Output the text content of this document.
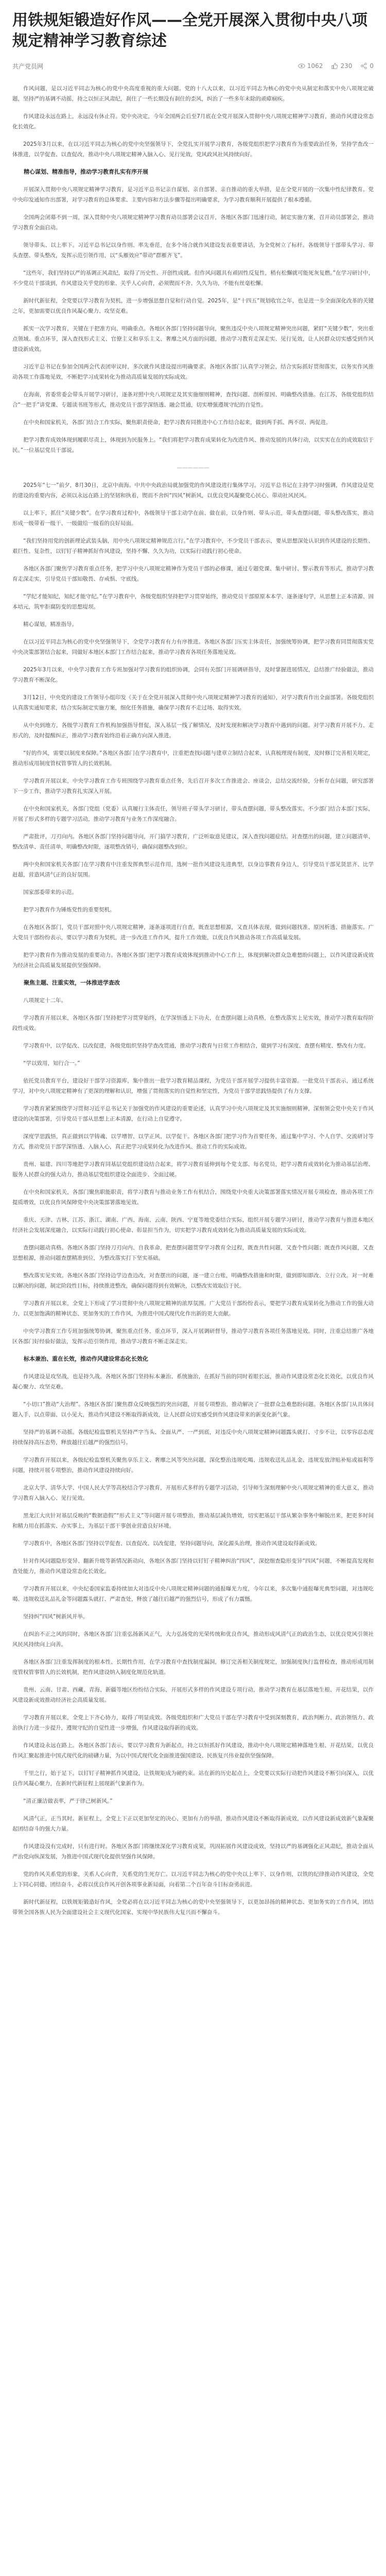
用铁规矩锻造好作风——全党开展深入贯彻中央八项规定精神学习教育综述
共产党员网	1062	230	0

作风问题，是以习近平同志为核心的党中央高度重视的重大问题。党的十八大以来，以习近平同志为核心的党中央从制定和落实中央八项规定破题，坚持严的基调不动摇，持之以恒正风肃纪，刹住了一些长期没有刹住的歪风，纠治了一些多年未除的顽瘴痼疾。

作风建设永远在路上，永远没有休止符。党中央决定，今年全国两会后至7月底在全党开展深入贯彻中央八项规定精神学习教育，推动作风建设常态化长效化。

2025年3月以来，在以习近平同志为核心的党中央坚强领导下，全党扎实开展学习教育，各级党组织把学习教育作为重要政治任务，坚持学查改一体推进，以学促查、以查促改，推动中央八项规定精神入脑入心、见行见效，党风政风社风持续向好。

精心谋划、精准指导，推动学习教育扎实有序开展

开展深入贯彻中央八项规定精神学习教育，是习近平总书记亲自谋划、亲自部署、亲自推动的重大举措，是在全党开展的一次集中性纪律教育。党中央印发通知作出部署，对学习教育的总体要求、主要内容和方法步骤等提出明确要求，为学习教育顺利开展提供了根本遵循。

全国两会闭幕不到一周，深入贯彻中央八项规定精神学习教育动员部署会议召开，各地区各部门迅速行动，制定实施方案，召开动员部署会，推动学习教育全面启动。

领导带头、以上率下。习近平总书记以身作则、率先垂范，在多个场合就作风建设发表重要讲话，为全党树立了标杆。各级领导干部带头学习、带头查摆、带头整改，发挥示范引领作用，以“头雁效应”带动“群雁齐飞”。

“这些年，我们坚持以严的基调正风肃纪，取得了历史性、开创性成就。但作风问题具有顽固性反复性，稍有松懈就可能死灰复燃。”在学习研讨中，不少党员干部谈到，作风建设关乎党的形象、关乎人心向背，必须锲而不舍、久久为功，不能有丝毫松懈。

新时代新征程，全党要以学习教育为契机，进一步增强思想自觉和行动自觉。2025年，是“十四五”规划收官之年，也是进一步全面深化改革的关键之年，更加需要以优良作风凝心聚力、攻坚克难。

抓实一次学习教育，关键在于把准方向、明确重点。各地区各部门坚持问题导向，聚焦违反中央八项规定精神突出问题，紧盯“关键少数”，突出重点领域、重点环节，深入查找形式主义、官僚主义和享乐主义、奢靡之风方面的问题，推动学习教育走深走实、见行见效，让人民群众切实感受到作风建设新成效。

习近平总书记在参加全国两会代表团审议时，多次就作风建设提出明确要求。各地区各部门认真学习领会，结合实际抓好贯彻落实，以务实作风推动各项工作落地见效，不断把学习成果转化为推动高质量发展的实际成效。

在海南，省委常委会带头开展学习研讨，逐条对照中央八项规定及其实施细则精神，查找问题、剖析原因、明确整改措施。在江苏，各级党组织结合“一把手”讲党课、专题读书班等形式，推动党员干部学深悟透、融会贯通，切实增强遵规守纪的自觉性。

在中央和国家机关，各部门结合工作实际，聚焦职责使命，把学习教育同推进中心工作结合起来，做到两手抓、两不误、两促进。

把学习教育成效体现到履职尽责上，体现到为民服务上。“我们将把学习教育成果转化为改进作风、推动发展的具体行动，以实实在在的成效取信于民。”一位基层党员干部说。

——————

2025年“七一”前夕，8月30日，北京中南海。中共中央政治局就加强党的作风建设进行集体学习。习近平总书记在主持学习时强调，作风建设是党的建设的重要内容，必须以永远在路上的坚韧和执着，锲而不舍纠“四风”树新风，以优良党风凝聚党心民心、带动社风民风。

以上率下，抓住“关键少数”。在学习教育过程中，各级领导干部主动学在前、做在前，以身作则、带头示范，带头查摆问题，带头整改落实，推动形成一级带着一级干、一级做给一级看的良好局面。

“我们坚持用党的创新理论武装头脑，用中央八项规定精神规范言行。”在学习教育中，不少党员干部表示，要从思想深处认识到作风建设的长期性、艰巨性、复杂性，以钉钉子精神抓好作风建设，坚持不懈、久久为功，以实际行动践行初心使命。

各地区各部门聚焦学习教育重点任务，把学习中央八项规定精神作为党员干部的必修课，通过专题党课、集中研讨、警示教育等形式，推动学习教育走深走实，引导党员干部知敬畏、存戒惧、守底线。

“学纪才能知纪，知纪才能守纪。”在学习教育中，各级党组织坚持把学习贯穿始终，推动党员干部原原本本学、逐条逐句学，从思想上正本清源、固本培元，筑牢拒腐防变的思想堤坝。

精心谋划，精准指导。

在以习近平同志为核心的党中央坚强领导下，全党学习教育有力有序推进。各地区各部门压实主体责任，加强统筹协调，把学习教育同贯彻落实党中央决策部署结合起来，同做好本地区本部门工作结合起来，推动学习教育各项任务落地见效。

2025年3月以来，中央学习教育工作专班加强对学习教育的组织协调，会同有关部门开展调研指导，及时掌握进展情况，总结推广经验做法，推动学习教育不断深化。

3月12日，中央党的建设工作领导小组印发《关于在全党开展深入贯彻中央八项规定精神学习教育的通知》，对学习教育作出全面部署。各级党组织认真落实通知要求，结合实际制定实施方案，细化任务措施，确保学习教育不走过场、取得实效。

从中央到地方，各级学习教育工作机构加强指导督促，深入基层一线了解情况，及时发现和解决学习教育中遇到的问题。对学习教育开展不力、走形式的，及时提醒纠正，推动学习教育始终沿着正确方向深入推进。

“好的作风，需要以制度来保障。”各地区各部门在学习教育中，注重把查找问题与建章立制结合起来，认真梳理现有制度，及时修订完善相关规定，推动形成用制度管权管事管人的长效机制。

学习教育开展以来，中央学习教育工作专班围绕学习教育重点任务，先后召开多次工作推进会、座谈会，总结交流经验，分析存在问题，研究部署下一步工作，推动学习教育扎实深入开展。

在中央和国家机关，各部门党组（党委）认真履行主体责任，领导班子带头学习研讨，带头查摆问题，带头整改落实。不少部门结合本部门实际，开展了形式多样的专题学习活动，推动学习教育与业务工作深度融合。

严肃批评，刀刃向内。各地区各部门坚持问题导向，开门搞学习教育，广泛听取意见建议，深入查找问题症结。对查摆出的问题，建立问题清单、整改清单、责任清单，明确整改时限，逐项整改销号，确保问题整改到位。

两中央和国家机关各部门在学习教育中注重发挥典型示范作用，选树一批作风建设先进典型，以身边事教育身边人，引导党员干部见贤思齐、比学赶超，营造风清气正的良好氛围。

国家部委带来的示范。

把学习教育作为锤炼党性的重要契机。

在各地区各部门，党员干部对照中央八项规定精神，逐条逐项进行自查，既查思想根源，又查具体表现，做到问题找准、原因析透、措施落实。广大党员干部纷纷表示，要以学习教育为契机，进一步改进工作作风，提升工作效能，以优良作风推动各项工作高质量发展。

把学习教育作为推动发展的重要动力。各地区各部门把学习教育成效体现到推动中心工作上，体现到解决群众急难愁盼问题上，以作风建设新成效为经济社会高质量发展提供坚强保障。

聚焦主题、注重实效，一体推进学查改

八项规定十二年。

学习教育开展以来，各地区各部门坚持把学习贯穿始终，在学深悟透上下功夫，在查摆问题上动真格，在整改落实上见实效，推动学习教育取得阶段性成效。

学习教育中，以学促改、以改促建，各级党组织坚持学查改贯通，推动学习教育与日常工作相结合，做到学习有深度、查摆有精度、整改有力度。

“学以致用，知行合一。”

依托党员教育平台，建设好干部学习资源库，集中推出一批学习教育精品课程，为党员干部开展学习提供丰富资源。一批党员干部表示，通过系统学习，对中央八项规定精神有了更深的理解和认识，增强了贯彻落实的自觉性和坚定性，为党员干部学思践悟提供了有力支撑。

学习教育紧紧围绕学习贯彻习近平总书记关于加强党的作风建设的重要论述，认真学习中央八项规定及其实施细则精神，深刻领会党中央关于作风建设的决策部署，引导党员干部从思想上正本清源，在行动上自觉遵守。

深度学思践悟，真正做到以学铸魂、以学增智、以学正风、以学促干。各地区各部门把学习作为首要任务，通过集中学习、个人自学、交流研讨等方式，推动党员干部学深悟透、入脑入心，真正把学习成果转化为改进作风、推动工作的实际成效。

贵州、福建、四川等地把学习教育同基层党组织建设结合起来，将学习教育延伸到每个党支部、每名党员，把学习教育成效转化为推动基层治理、服务人民群众的强大动力，推动基层党组织建设全面进步、全面过硬。

在中央和国家机关，各部门聚焦职能职责，将学习教育与推动业务工作有机结合，围绕党中央重大决策部署落实情况开展专项检查，推动各项工作提质增效，以优良作风保障党中央决策部署落地见效。

重庆、天津、吉林、江苏、浙江、湖南、广西、海南、云南、陕西、宁夏等地党委结合实际，组织开展专题学习研讨，推动学习教育与推进本地区经济社会发展深度融合，以实际行动践行初心使命、彰显担当作为，切实把学习教育成效转化为推动高质量发展的实际成效。

查摆问题动真格。各地区各部门坚持刀刃向内、自我革命，把查摆问题贯穿学习教育全过程，既查共性问题，又查个性问题；既查作风问题，又查思想根源，推动问题查摆精准到位，为整改落实打下坚实基础。

整改落实见实效。各地区各部门坚持边学边查边改，对查摆出的问题，逐一建立台账，明确整改措施和时限，做到即知即改、立行立改。对一时难以解决的问题，制定阶段性目标，持续推进整改，确保问题得到有效解决，以整改实效取信于民。

学习教育开展以来，全党上下形成了学习贯彻中央八项规定精神的浓厚氛围。广大党员干部纷纷表示，要把学习教育成果转化为推动工作的强大动力，以更加饱满的精神状态、更加务实的工作作风，为推进中国式现代化作出新的更大贡献。

中央学习教育工作专班加强统筹协调，聚焦重点任务、重点环节，深入开展调研督导，推动学习教育各项任务落地见效。同时，注重总结推广各地区各部门好经验好做法，发挥示范引领作用，推动学习教育不断走深走实。

标本兼治、重在长效，推动作风建设常态化长效化

作风建设是攻坚战，也是持久战。各地区各部门坚持标本兼治、系统施治，在抓好当前的同时着眼长远，推动作风建设常态化长效化，以优良作风凝心聚力、攻坚克难。

“小切口”推动“大治理”。各地区各部门聚焦群众反映强烈的突出问题，开展专项整治，推动解决了一批群众急难愁盼问题。各地区各部门从具体问题入手，以点带面、以小见大，推动作风建设不断取得新成效，让人民群众切实感受到作风建设带来的新变化新气象。

坚持严的基调不动摇。各级纪检监察机关坚持严字当头、全面从严、一严到底，对违反中央八项规定精神问题露头就打、寸步不让，以零容忍态度持续保持高压态势，释放越往后越严的强烈信号。

学习教育开展以来，各级纪检监察机关聚焦享乐主义、奢靡之风等突出问题，深化整治违规吃喝、违规收送礼品礼金、违规发放津贴补贴或福利等问题，持续开展专项整治，推动作风建设持续向好。

北京大学、清华大学、中国人民大学等高校结合学习教育，开展形式多样的专题学习活动，引导师生深刻理解中央八项规定精神的重大意义，推动学习教育入脑入心、见行见效。

黑龙江大庆针对基层反映的“数据造假”“形式主义”等问题开展专项整治，推动基层减负增效，切实把基层干部从繁杂事务中解脱出来，把更多时间和精力用在抓落实、办实事上，为基层干部干事创业营造良好环境。

学习教育中，各地区各部门坚持以学促查、以查促改、以改促建，坚持问题导向，深化源头治理，推动作风建设取得新成效。

针对作风问题隐形变异、翻新升级等新情况新动向，各地区各部门坚持以钉钉子精神纠治“四风”，深挖细查隐形变异“四风”问题，不断提高发现和查处能力，推动作风建设常态化长效化。

学习教育开展以来，中央纪委国家监委持续加大对违反中央八项规定精神问题的通报曝光力度，今年以来，多次集中通报曝光典型问题，对违规吃喝、违规收送礼品礼金等问题露头就打、严肃查处，释放了越往后越严的强烈信号，形成了有力震慑。

坚持纠“四风”树新风并举。

在纠治不正之风的同时，各地区各部门注重弘扬新风正气，大力弘扬党的光荣传统和优良作风，推动形成风清气正的政治生态，以优良党风引领社风民风持续向上向善。

各地区各部门注重发挥制度的根本性、长期性作用，在学习教育中查找制度漏洞，修订完善相关制度规定，加强制度执行监督检查，推动形成用制度管权管事管人的长效机制，把作风建设纳入制度化规范化轨道。

贵州、云南、甘肃、西藏、青海、新疆等地区纷纷结合实际，开展形式多样的作风建设专项行动，推动学习教育在基层落地生根、开花结果，以作风建设新成效推动经济社会高质量发展。

学习教育开展以来，全党上下齐心协力，取得了明显成效。各级党组织和广大党员干部在学习教育中受到深刻教育，政治判断力、政治领悟力、政治执行力进一步提升，遵规守纪的自觉性进一步增强，作风建设取得新的成效。

作风建设永远在路上。各地区各部门表示，要以学习教育为新起点，持之以恒抓好作风建设，推动中央八项规定精神落地生根、开花结果，以优良作风汇聚起推进中国式现代化的磅礴力量，为以中国式现代化全面推进强国建设、民族复兴伟业提供坚强保障。

千里之行，始于足下。以钉钉子精神抓作风建设，让铁规矩成为硬约束。站在新的历史起点上，全党要以实际行动把作风建设不断引向深入，以优良作风凝心聚力，在新时代新征程上展现新气象新作为。

“清正廉洁做表率，严于律己树新风。”

风清气正，正当其时。新征程上，全党上下正以更加坚定的决心、更加有力的举措，推动作风建设不断取得新成效，以作风建设新成效新气象凝聚起团结奋斗的强大力量。

作风建设没有完成时，只有进行时。各地区各部门将继续深化学习教育成果，巩固拓展作风建设成效，坚持以严的基调强化正风肃纪，推动全面从严治党向纵深发展，为推进中国式现代化提供坚强作风保障。

党的作风关系党的形象，关系人心向背，关系党的生死存亡。以习近平同志为核心的党中央以上率下、以身作则，以铁的纪律推动作风建设，全党上下同心同德、团结奋斗，必将以优良作风开创各项事业新局面，向着第二个百年奋斗目标奋勇前进。

新时代新征程，以铁规矩锻造好作风，全党必将在以习近平同志为核心的党中央坚强领导下，以更加昂扬的精神状态、更加务实的工作作风，团结带领全国各族人民为全面建设社会主义现代化国家、实现中华民族伟大复兴而不懈奋斗。
